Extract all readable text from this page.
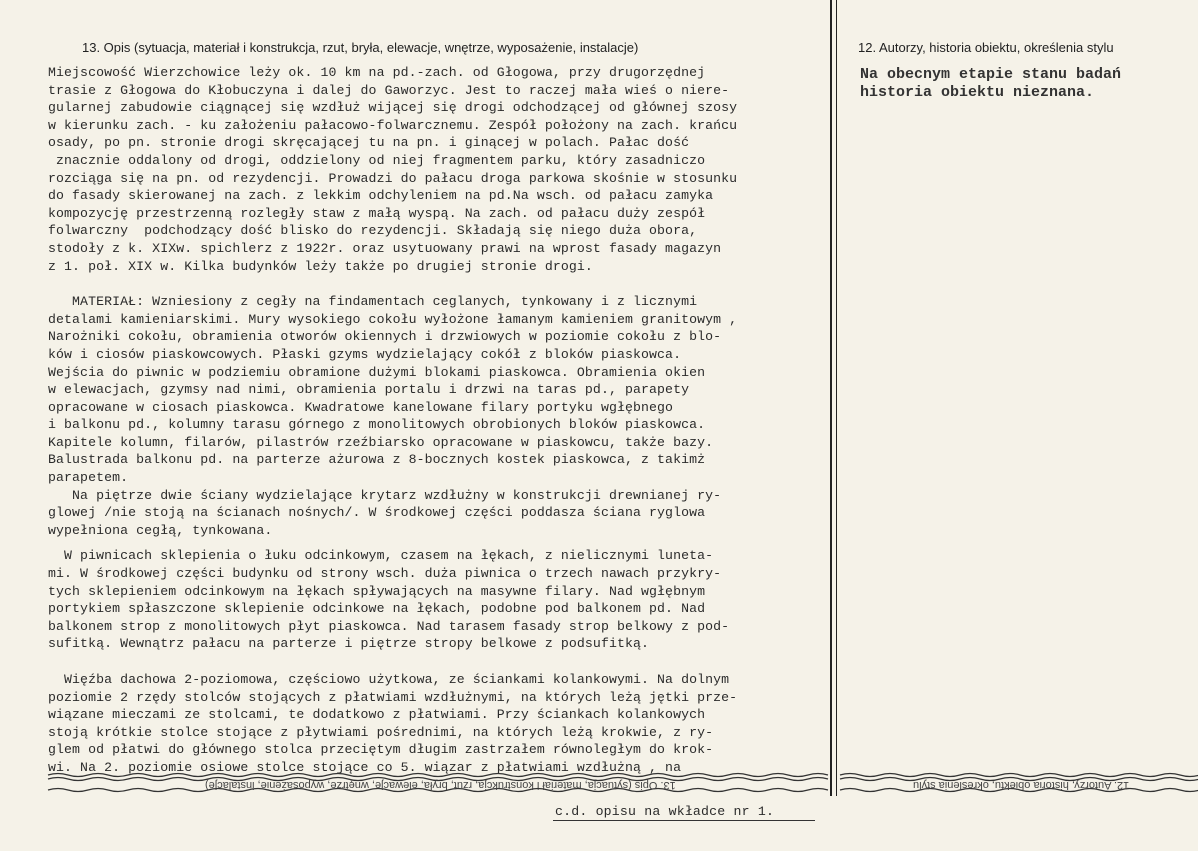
13. Opis (sytuacja, materiał i konstrukcja, rzut, bryła, elewacje, wnętrze, wyposażenie, instalacje)	12. Autorzy, historia obiektu, określenia stylu

Miejscowość Wierzchowice leży ok. 10 km na pd.-zach. od Głogowa, przy drugorzędnej
trasie z Głogowa do Kłobuczyna i dalej do Gaworzyc. Jest to raczej mała wieś o niere-
gularnej zabudowie ciągnącej się wzdłuż wijącej się drogi odchodzącej od głównej szosy
w kierunku zach. - ku założeniu pałacowo-folwarcznemu. Zespół położony na zach. krańcu
osady, po pn. stronie drogi skręcającej tu na pn. i ginącej w polach. Pałac dość
znacznie oddalony od drogi, oddzielony od niej fragmentem parku, który zasadniczo
rozciąga się na pn. od rezydencji. Prowadzi do pałacu droga parkowa skośnie w stosunku
do fasady skierowanej na zach. z lekkim odchyleniem na pd.Na wsch. od pałacu zamyka
kompozycję przestrzenną rozległy staw z małą wyspą. Na zach. od pałacu duży zespół
folwarczny  podchodzący dość blisko do rezydencji. Składają się niego duża obora,
stodoły z k. XIXw. spichlerz z 1922r. oraz usytuowany prawi na wprost fasady magazyn
z 1. poł. XIX w. Kilka budynków leży także po drugiej stronie drogi.

MATERIAŁ: Wzniesiony z cegły na findamentach ceglanych, tynkowany i z licznymi
detalami kamieniarskimi. Mury wysokiego cokołu wyłożone łamanym kamieniem granitowym ,
Narożniki cokołu, obramienia otworów okiennych i drzwiowych w poziomie cokołu z blo-
ków i ciosów piaskowcowych. Płaski gzyms wydzielający cokół z bloków piaskowca.
Wejścia do piwnic w podziemiu obramione dużymi blokami piaskowca. Obramienia okien
w elewacjach, gzymsy nad nimi, obramienia portalu i drzwi na taras pd., parapety
opracowane w ciosach piaskowca. Kwadratowe kanelowane filary portyku wgłębnego
i balkonu pd., kolumny tarasu górnego z monolitowych obrobionych bloków piaskowca.
Kapitele kolumn, filarów, pilastrów rzeźbiarsko opracowane w piaskowcu, także bazy.
Balustrada balkonu pd. na parterze ażurowa z 8-bocznych kostek piaskowca, z takimż
parapetem.
Na piętrze dwie ściany wydzielające krytarz wzdłużny w konstrukcji drewnianej ry-
glowej /nie stoją na ścianach nośnych/. W środkowej części poddasza ściana ryglowa
wypełniona cegłą, tynkowana.

W piwnicach sklepienia o łuku odcinkowym, czasem na łękach, z nielicznymi luneta-
mi. W środkowej części budynku od strony wsch. duża piwnica o trzech nawach przykry-
tych sklepieniem odcinkowym na łękach spływających na masywne filary. Nad wgłębnym
portykiem spłaszczone sklepienie odcinkowe na łękach, podobne pod balkonem pd. Nad
balkonem strop z monolitowych płyt piaskowca. Nad tarasem fasady strop belkowy z pod-
sufitką. Wewnątrz pałacu na parterze i piętrze stropy belkowe z podsufitką.

Więźba dachowa 2-poziomowa, częściowo użytkowa, ze ściankami kolankowymi. Na dolnym
poziomie 2 rzędy stolców stojących z płatwiami wzdłużnymi, na których leżą jętki prze-
wiązane mieczami ze stolcami, te dodatkowo z płatwiami. Przy ściankach kolankowych
stoją krótkie stolce stojące z płytwiami pośrednimi, na których leżą krokwie, z ry-
glem od płatwi do głównego stolca przeciętym długim zastrzałem równoległym do krok-
wi. Na 2. poziomie osiowe stolce stojące co 5. wiązar z płatwiami wzdłużną , na

Na obecnym etapie stanu badań
historia obiektu nieznana.
13. Opis (sytuacja, materiał i konstrukcja, rzut, bryła, elewacje, wnętrze, wyposażenie, instalacje)	12. Autorzy, historia obiektu, określenia stylu
c.d. opisu na wkładce nr 1.
